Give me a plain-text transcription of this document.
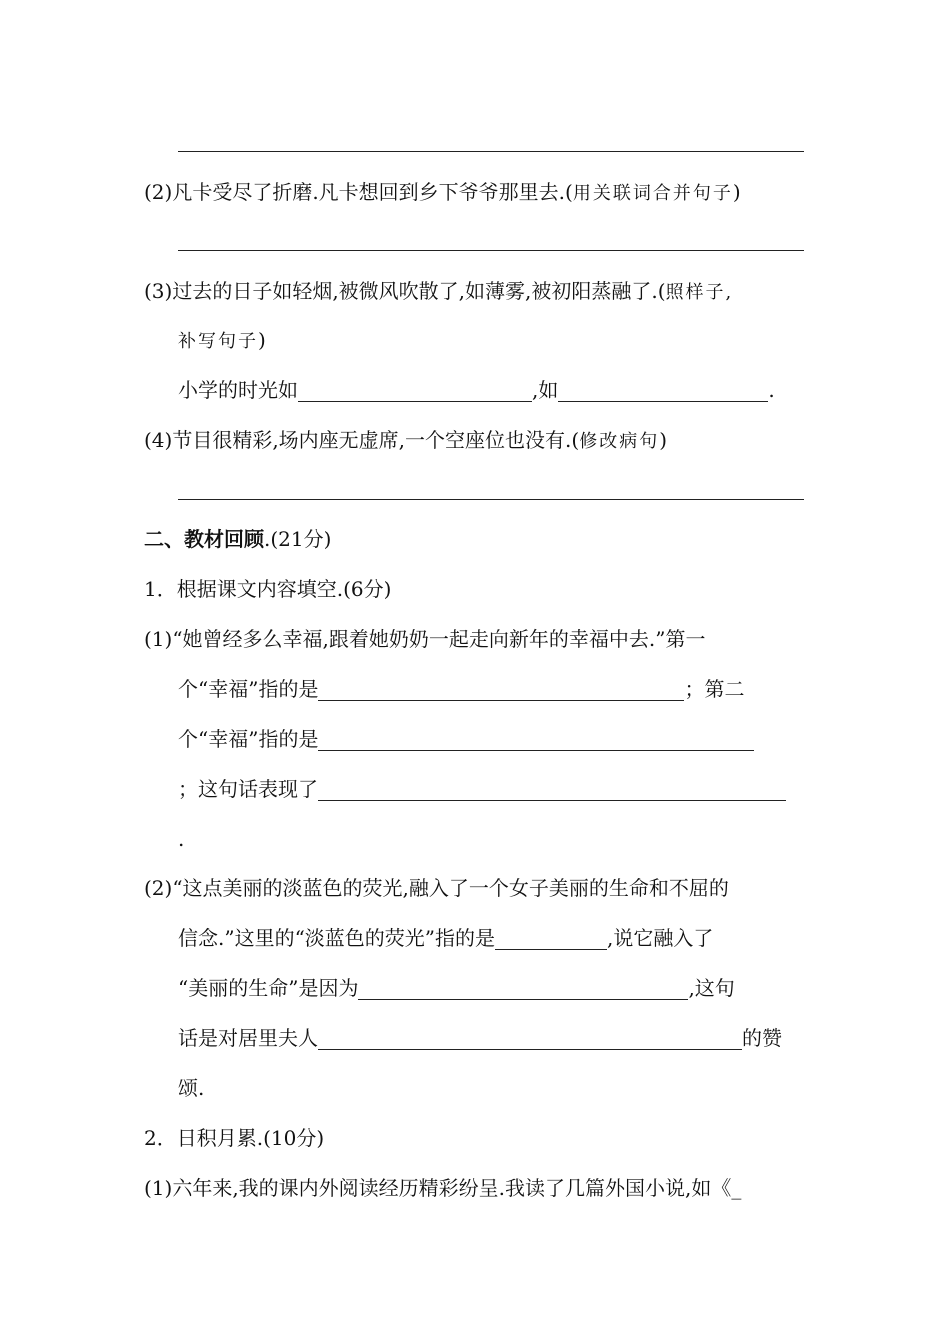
(2)凡卡受尽了折磨.凡卡想回到乡下爷爷那里去.(用关联词合并句子)
(3)过去的日子如轻烟,被微风吹散了,如薄雾,被初阳蒸融了.(照样子,
补写句子)
小学的时光如	,如	.
(4)节目很精彩,场内座无虚席,一个空座位也没有.(修改病句)
二、教材回顾.(21分)
1．根据课文内容填空.(6分)
(1)“她曾经多么幸福,跟着她奶奶一起走向新年的幸福中去.”第一
个“幸福”指的是	；第二
个“幸福”指的是
；这句话表现了
.
(2)“这点美丽的淡蓝色的荧光,融入了一个女子美丽的生命和不屈的
信念.”这里的“淡蓝色的荧光”指的是	,说它融入了
“美丽的生命”是因为	,这句
话是对居里夫人	的赞
颂.
2．日积月累.(10分)
(1)六年来,我的课内外阅读经历精彩纷呈.我读了几篇外国小说,如《_
